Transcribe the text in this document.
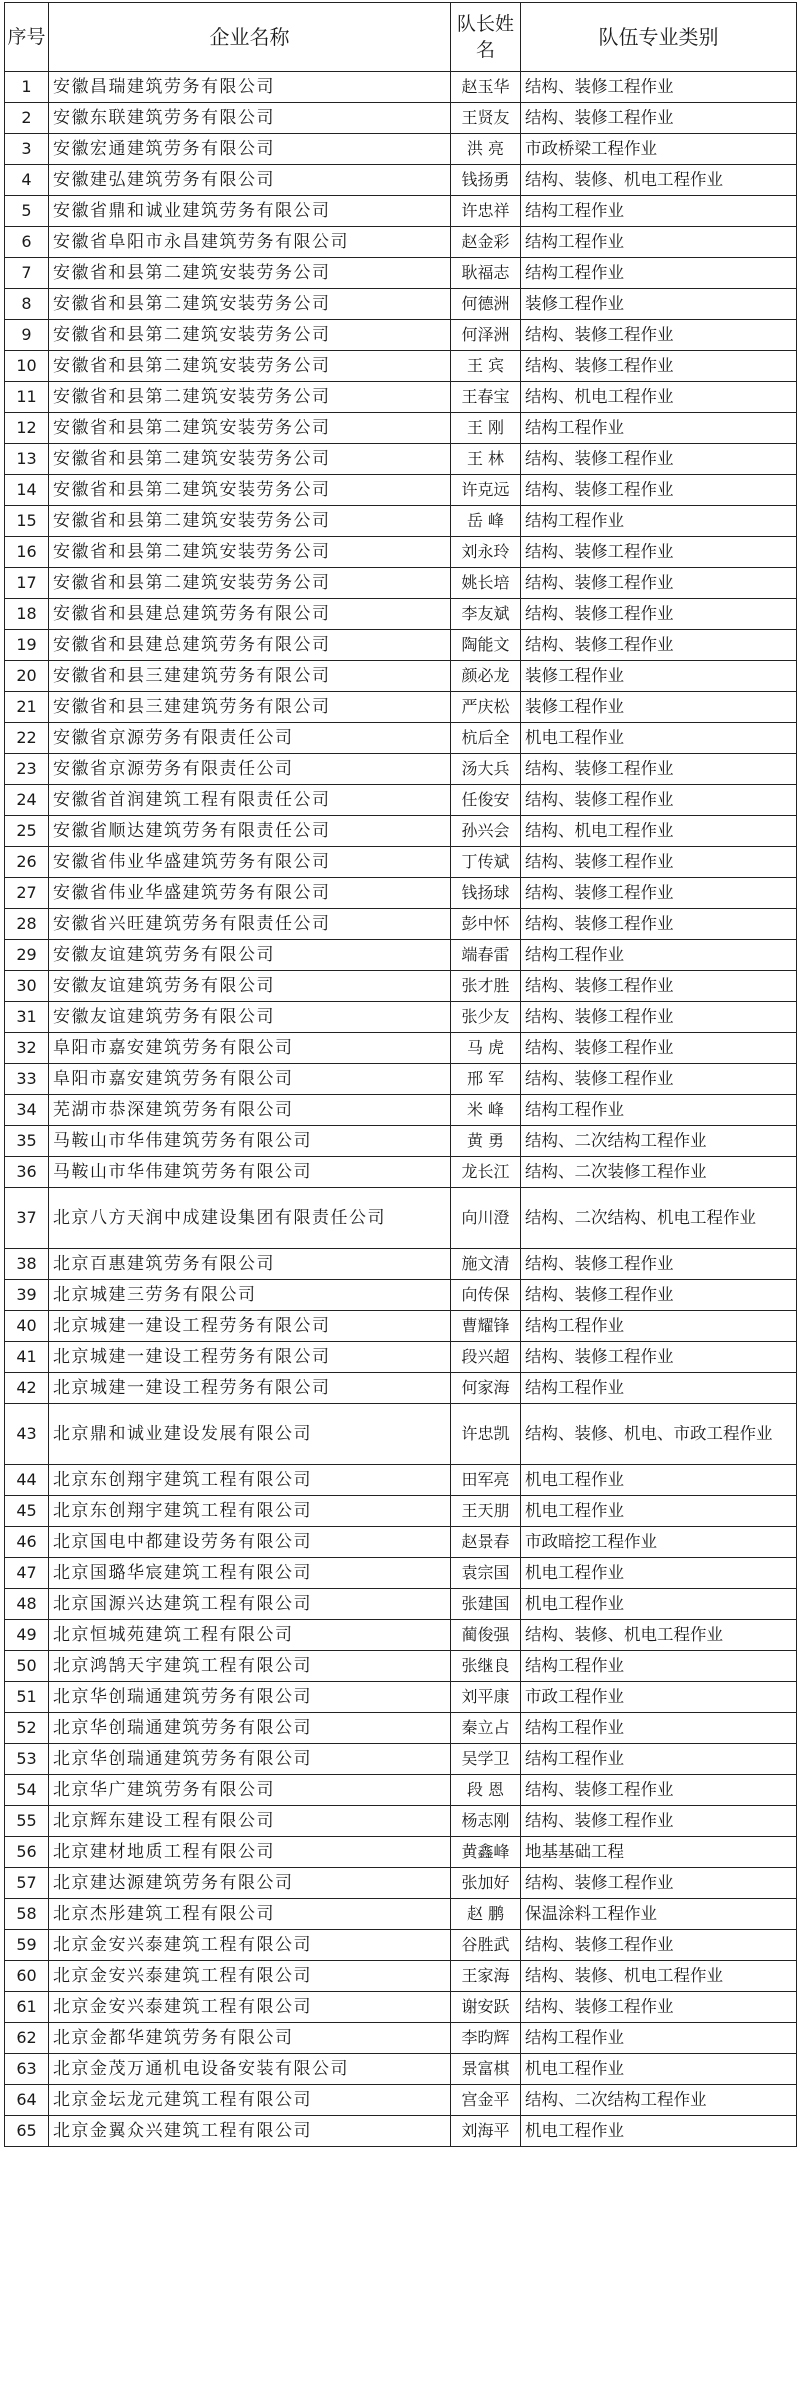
序号	企业名称	队长姓名	队伍专业类别
1	安徽昌瑞建筑劳务有限公司	赵玉华	结构、装修工程作业
2	安徽东联建筑劳务有限公司	王贤友	结构、装修工程作业
3	安徽宏通建筑劳务有限公司	洪 亮	市政桥梁工程作业
4	安徽建弘建筑劳务有限公司	钱扬勇	结构、装修、机电工程作业
5	安徽省鼎和诚业建筑劳务有限公司	许忠祥	结构工程作业
6	安徽省阜阳市永昌建筑劳务有限公司	赵金彩	结构工程作业
7	安徽省和县第二建筑安装劳务公司	耿福志	结构工程作业
8	安徽省和县第二建筑安装劳务公司	何德洲	装修工程作业
9	安徽省和县第二建筑安装劳务公司	何泽洲	结构、装修工程作业
10	安徽省和县第二建筑安装劳务公司	王 宾	结构、装修工程作业
11	安徽省和县第二建筑安装劳务公司	王春宝	结构、机电工程作业
12	安徽省和县第二建筑安装劳务公司	王 刚	结构工程作业
13	安徽省和县第二建筑安装劳务公司	王 林	结构、装修工程作业
14	安徽省和县第二建筑安装劳务公司	许克远	结构、装修工程作业
15	安徽省和县第二建筑安装劳务公司	岳 峰	结构工程作业
16	安徽省和县第二建筑安装劳务公司	刘永玲	结构、装修工程作业
17	安徽省和县第二建筑安装劳务公司	姚长培	结构、装修工程作业
18	安徽省和县建总建筑劳务有限公司	李友斌	结构、装修工程作业
19	安徽省和县建总建筑劳务有限公司	陶能文	结构、装修工程作业
20	安徽省和县三建建筑劳务有限公司	颜必龙	装修工程作业
21	安徽省和县三建建筑劳务有限公司	严庆松	装修工程作业
22	安徽省京源劳务有限责任公司	杭后全	机电工程作业
23	安徽省京源劳务有限责任公司	汤大兵	结构、装修工程作业
24	安徽省首润建筑工程有限责任公司	任俊安	结构、装修工程作业
25	安徽省顺达建筑劳务有限责任公司	孙兴会	结构、机电工程作业
26	安徽省伟业华盛建筑劳务有限公司	丁传斌	结构、装修工程作业
27	安徽省伟业华盛建筑劳务有限公司	钱扬球	结构、装修工程作业
28	安徽省兴旺建筑劳务有限责任公司	彭中怀	结构、装修工程作业
29	安徽友谊建筑劳务有限公司	端春雷	结构工程作业
30	安徽友谊建筑劳务有限公司	张才胜	结构、装修工程作业
31	安徽友谊建筑劳务有限公司	张少友	结构、装修工程作业
32	阜阳市嘉安建筑劳务有限公司	马 虎	结构、装修工程作业
33	阜阳市嘉安建筑劳务有限公司	邢 军	结构、装修工程作业
34	芜湖市恭深建筑劳务有限公司	米 峰	结构工程作业
35	马鞍山市华伟建筑劳务有限公司	黄 勇	结构、二次结构工程作业
36	马鞍山市华伟建筑劳务有限公司	龙长江	结构、二次装修工程作业
37	北京八方天润中成建设集团有限责任公司	向川澄	结构、二次结构、机电工程作业
38	北京百惠建筑劳务有限公司	施文清	结构、装修工程作业
39	北京城建三劳务有限公司	向传保	结构、装修工程作业
40	北京城建一建设工程劳务有限公司	曹耀锋	结构工程作业
41	北京城建一建设工程劳务有限公司	段兴超	结构、装修工程作业
42	北京城建一建设工程劳务有限公司	何家海	结构工程作业
43	北京鼎和诚业建设发展有限公司	许忠凯	结构、装修、机电、市政工程作业
44	北京东创翔宇建筑工程有限公司	田军亮	机电工程作业
45	北京东创翔宇建筑工程有限公司	王天朋	机电工程作业
46	北京国电中都建设劳务有限公司	赵景春	市政暗挖工程作业
47	北京国璐华宸建筑工程有限公司	袁宗国	机电工程作业
48	北京国源兴达建筑工程有限公司	张建国	机电工程作业
49	北京恒城苑建筑工程有限公司	蔺俊强	结构、装修、机电工程作业
50	北京鸿鹄天宇建筑工程有限公司	张继良	结构工程作业
51	北京华创瑞通建筑劳务有限公司	刘平康	市政工程作业
52	北京华创瑞通建筑劳务有限公司	秦立占	结构工程作业
53	北京华创瑞通建筑劳务有限公司	吴学卫	结构工程作业
54	北京华广建筑劳务有限公司	段 恩	结构、装修工程作业
55	北京辉东建设工程有限公司	杨志刚	结构、装修工程作业
56	北京建材地质工程有限公司	黄鑫峰	地基基础工程
57	北京建达源建筑劳务有限公司	张加好	结构、装修工程作业
58	北京杰彤建筑工程有限公司	赵 鹏	保温涂料工程作业
59	北京金安兴泰建筑工程有限公司	谷胜武	结构、装修工程作业
60	北京金安兴泰建筑工程有限公司	王家海	结构、装修、机电工程作业
61	北京金安兴泰建筑工程有限公司	谢安跃	结构、装修工程作业
62	北京金都华建筑劳务有限公司	李昀辉	结构工程作业
63	北京金茂万通机电设备安装有限公司	景富棋	机电工程作业
64	北京金坛龙元建筑工程有限公司	宫金平	结构、二次结构工程作业
65	北京金翼众兴建筑工程有限公司	刘海平	机电工程作业
